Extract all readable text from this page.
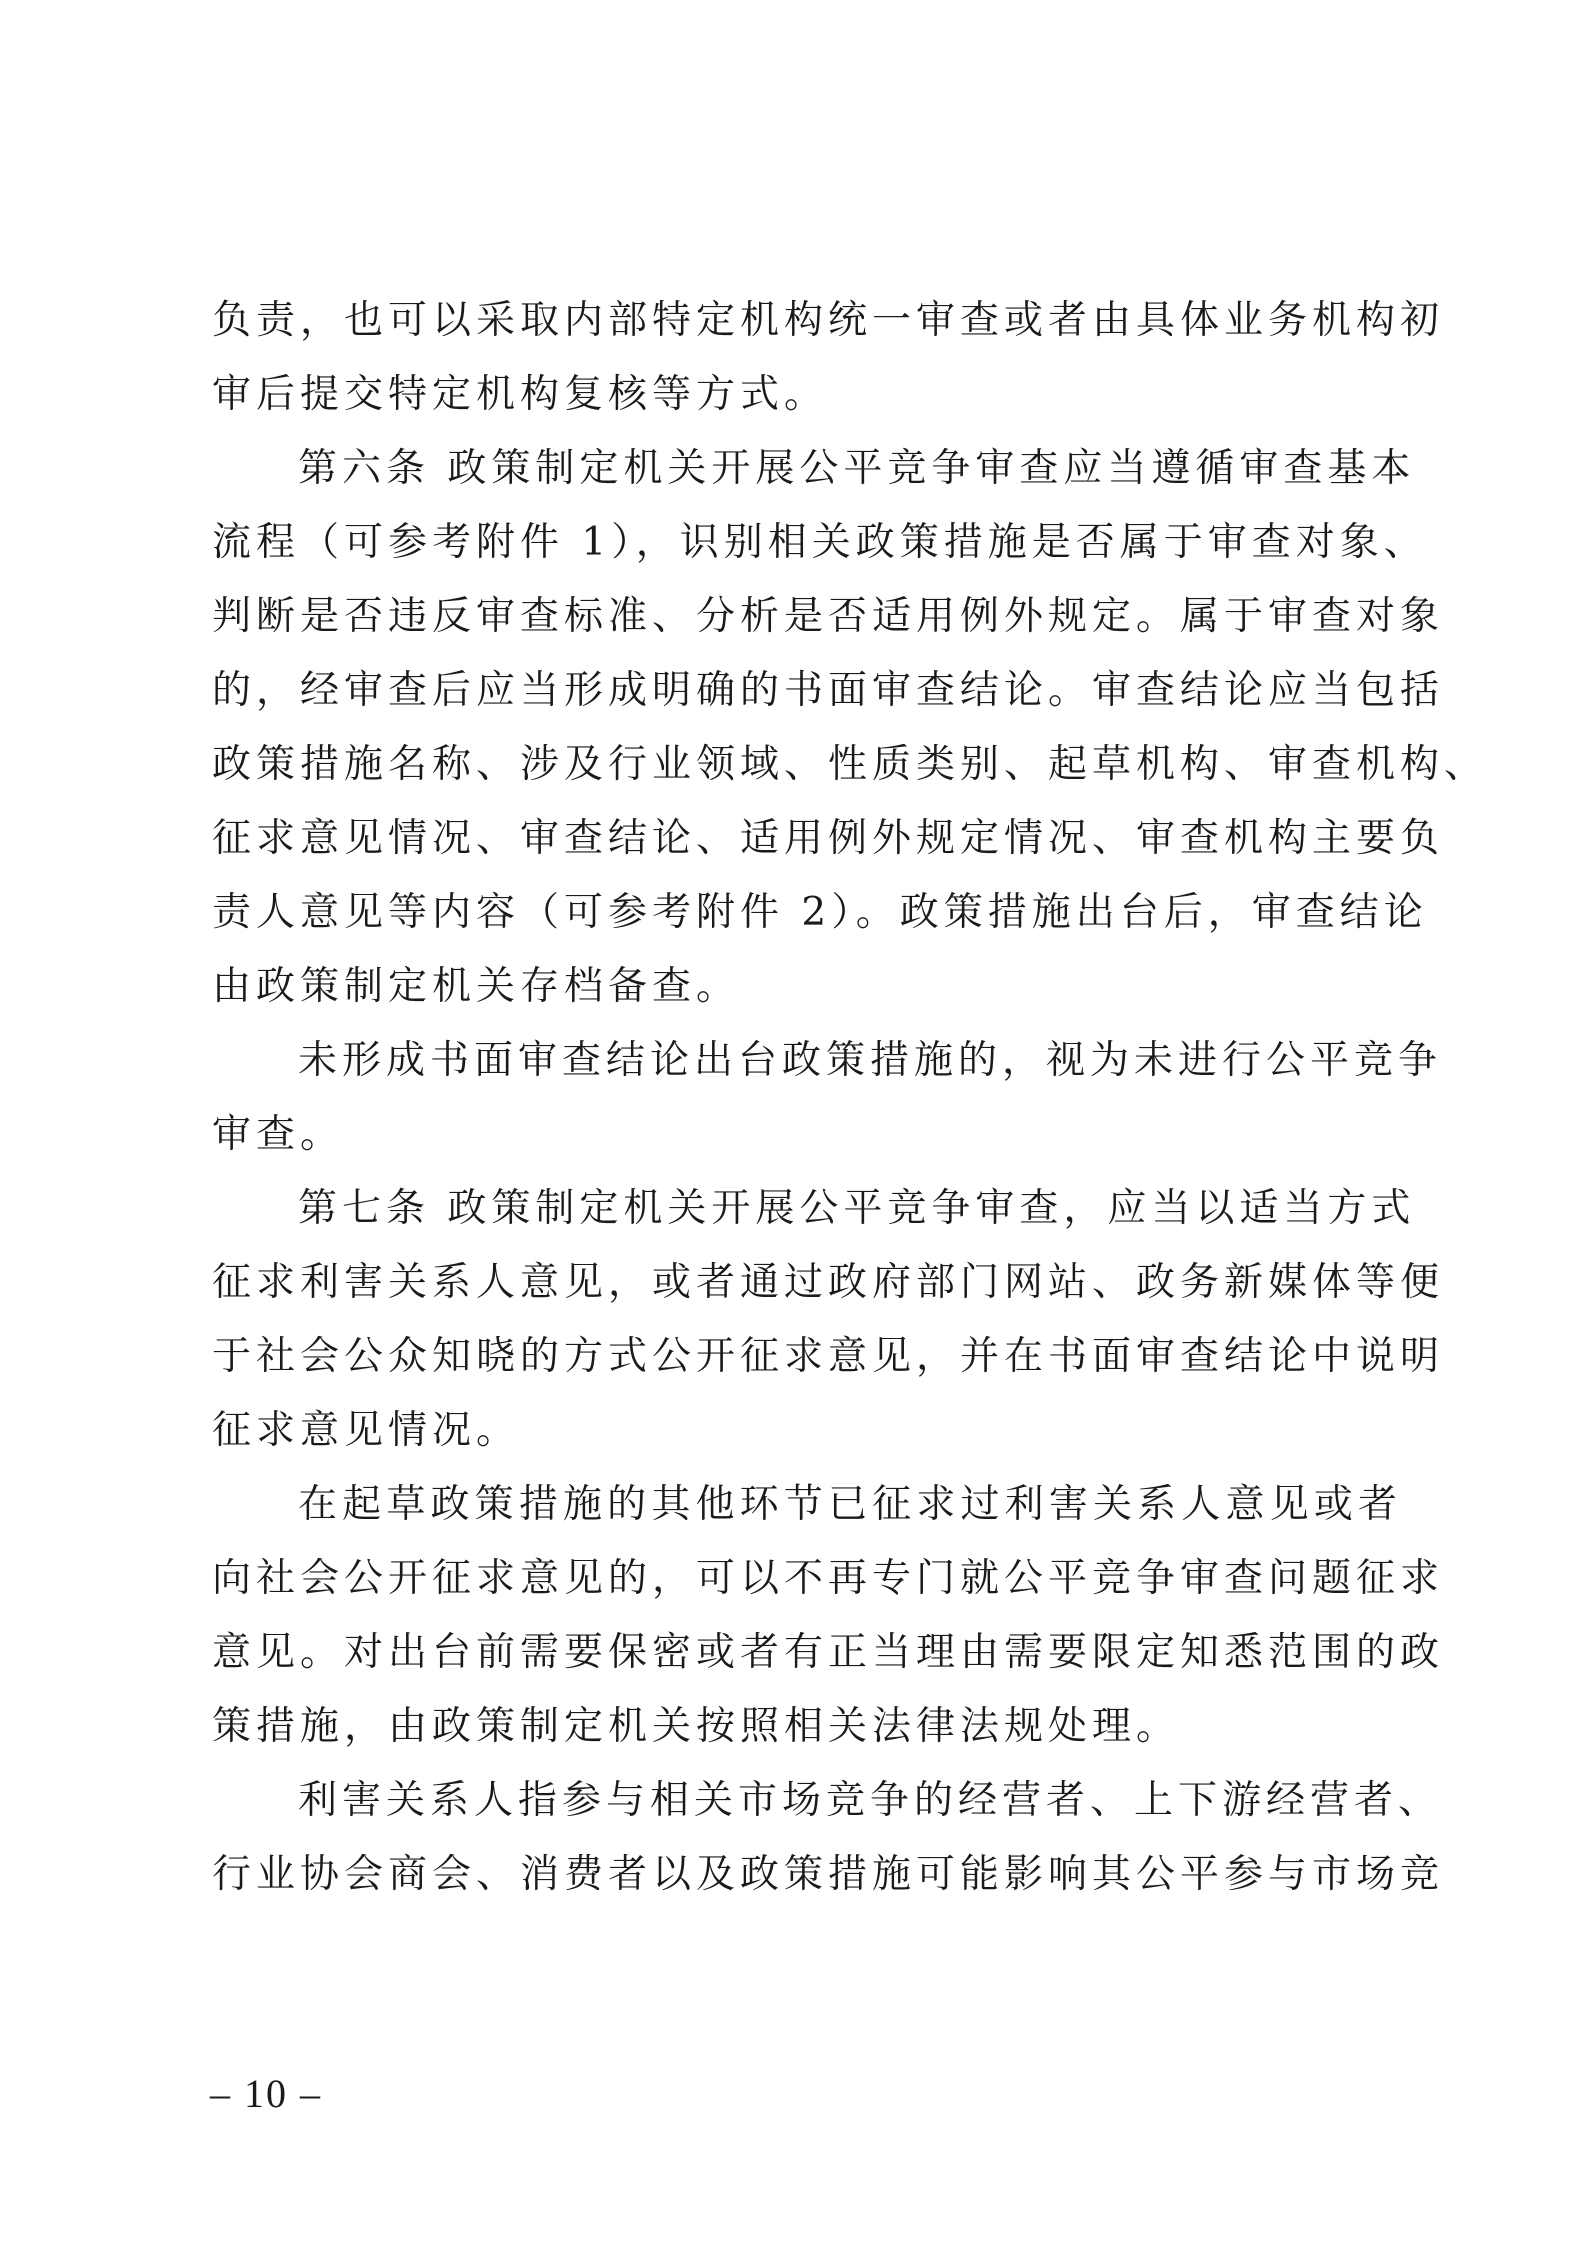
负责，也可以采取内部特定机构统一审查或者由具体业务机构初
审后提交特定机构复核等方式。
第六条 政策制定机关开展公平竞争审查应当遵循审查基本
流程（可参考附件 1），识别相关政策措施是否属于审查对象、
判断是否违反审查标准、分析是否适用例外规定。属于审查对象
的，经审查后应当形成明确的书面审查结论。审查结论应当包括
政策措施名称、涉及行业领域、性质类别、起草机构、审查机构、
征求意见情况、审查结论、适用例外规定情况、审查机构主要负
责人意见等内容（可参考附件 2）。政策措施出台后，审查结论
由政策制定机关存档备查。
未形成书面审查结论出台政策措施的，视为未进行公平竞争
审查。
第七条 政策制定机关开展公平竞争审查，应当以适当方式
征求利害关系人意见，或者通过政府部门网站、政务新媒体等便
于社会公众知晓的方式公开征求意见，并在书面审查结论中说明
征求意见情况。
在起草政策措施的其他环节已征求过利害关系人意见或者
向社会公开征求意见的，可以不再专门就公平竞争审查问题征求
意见。对出台前需要保密或者有正当理由需要限定知悉范围的政
策措施，由政策制定机关按照相关法律法规处理。
利害关系人指参与相关市场竞争的经营者、上下游经营者、
行业协会商会、消费者以及政策措施可能影响其公平参与市场竞
– 10 –
